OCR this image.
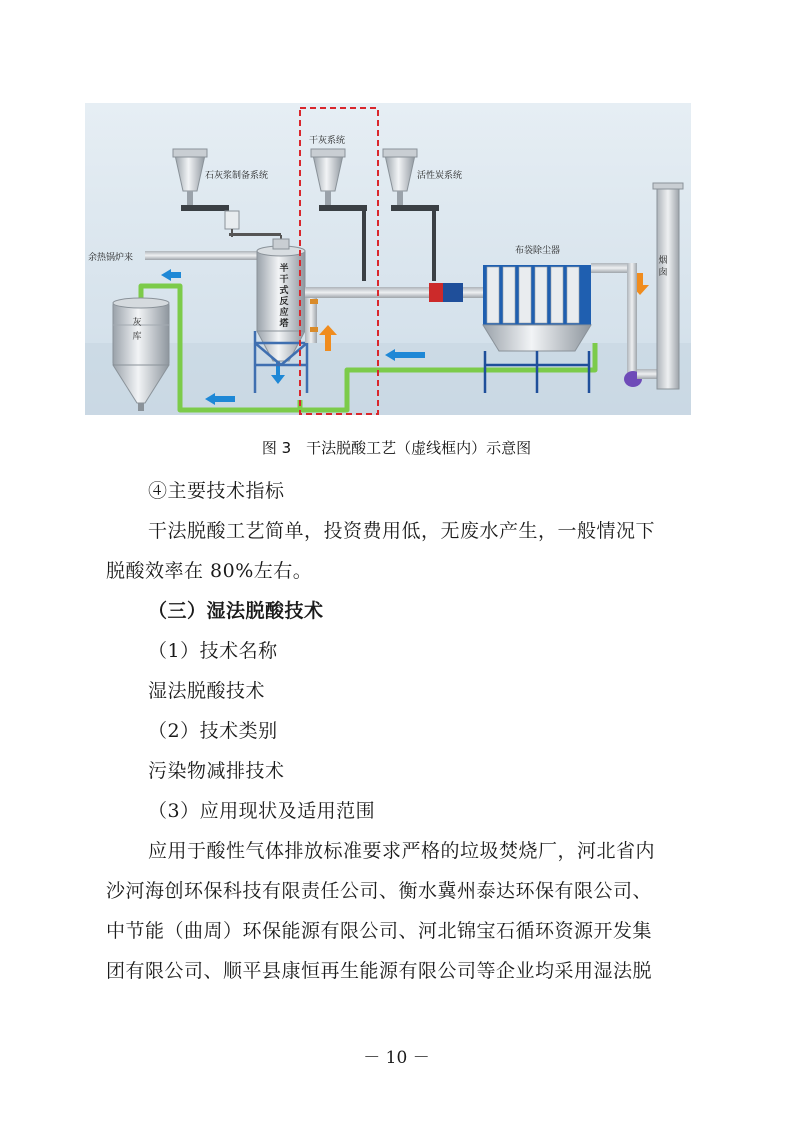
余热锅炉来
灰库
石灰浆制备系统
干灰系统
活性炭系统
半干式反应塔
布袋除尘器
烟囱
图 3　干法脱酸工艺（虚线框内）示意图
④主要技术指标
干法脱酸工艺简单，投资费用低，无废水产生，一般情况下
脱酸效率在 80%左右。
（三）湿法脱酸技术
（1）技术名称
湿法脱酸技术
（2）技术类别
污染物减排技术
（3）应用现状及适用范围
应用于酸性气体排放标准要求严格的垃圾焚烧厂，河北省内
沙河海创环保科技有限责任公司、衡水冀州泰达环保有限公司、
中节能（曲周）环保能源有限公司、河北锦宝石循环资源开发集
团有限公司、顺平县康恒再生能源有限公司等企业均采用湿法脱
－ 10 －
